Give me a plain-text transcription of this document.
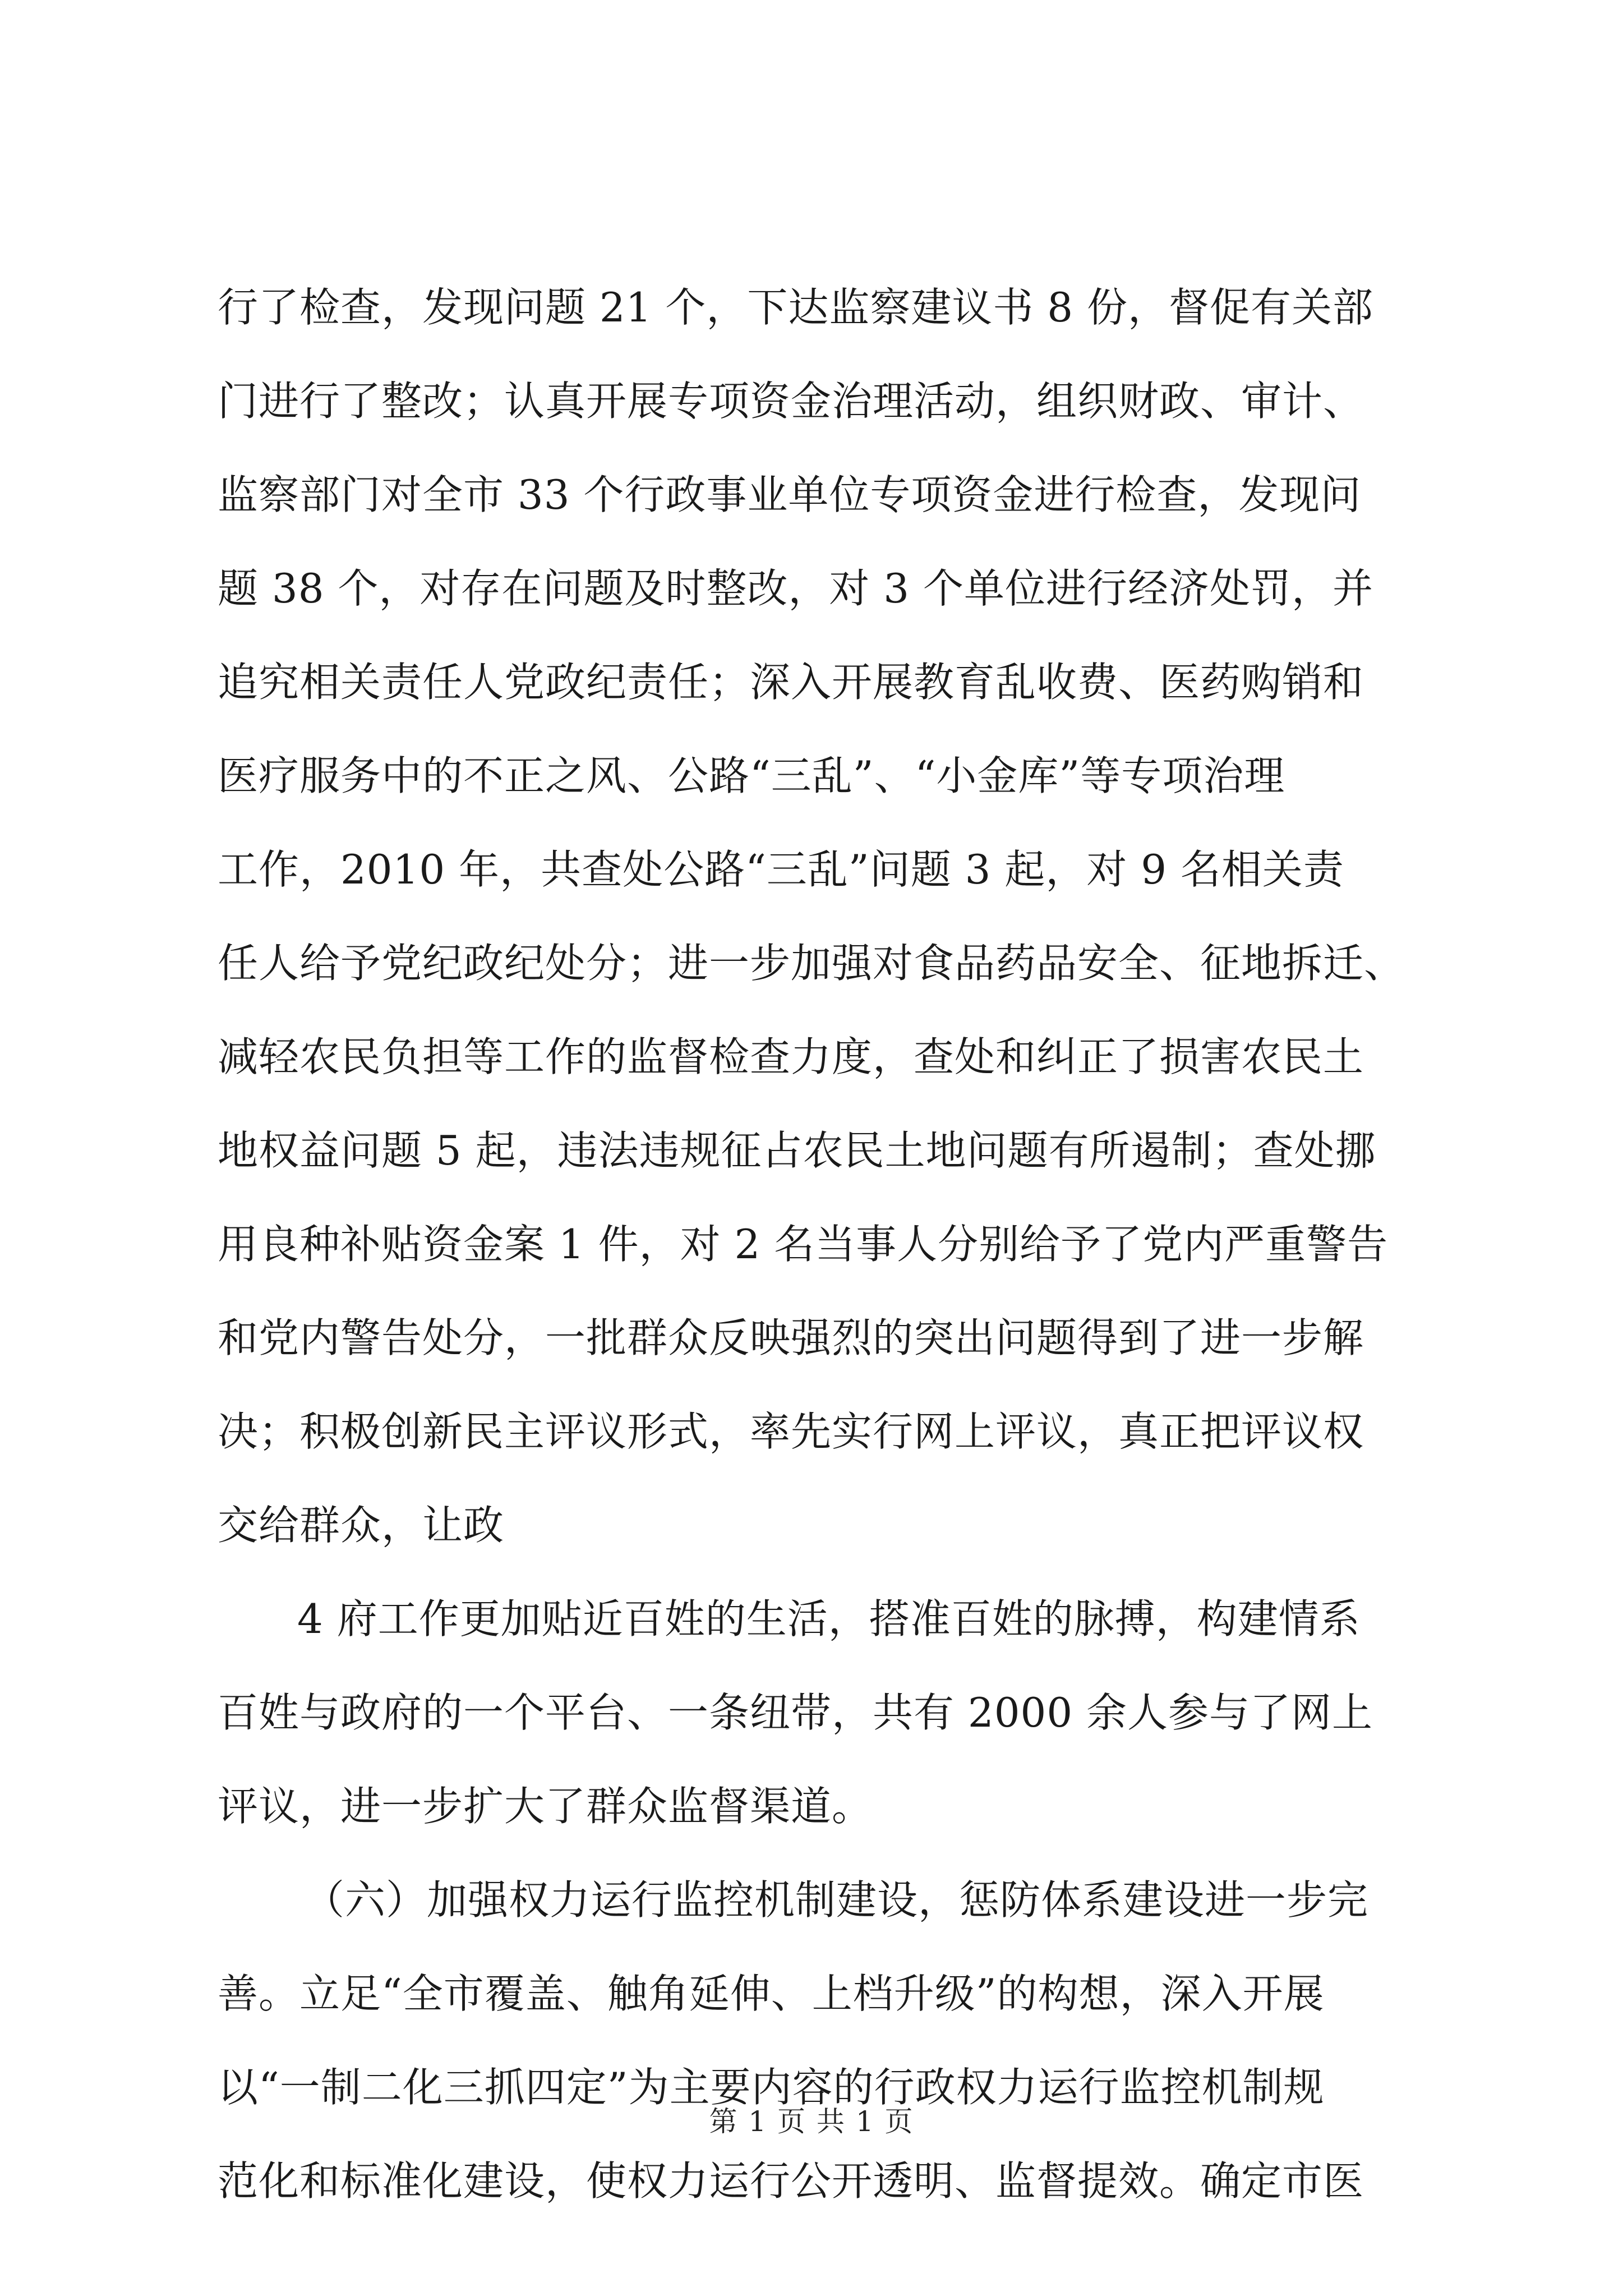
行了检查，发现问题 21 个，下达监察建议书 8 份，督促有关部
门进行了整改；认真开展专项资金治理活动，组织财政、审计、
监察部门对全市 33 个行政事业单位专项资金进行检查，发现问
题 38 个，对存在问题及时整改，对 3 个单位进行经济处罚，并
追究相关责任人党政纪责任；深入开展教育乱收费、医药购销和
医疗服务中的不正之风、公路“三乱”、“小金库”等专项治理
工作，2010 年，共查处公路“三乱”问题 3 起，对 9 名相关责
任人给予党纪政纪处分；进一步加强对食品药品安全、征地拆迁、
减轻农民负担等工作的监督检查力度，查处和纠正了损害农民土
地权益问题 5 起，违法违规征占农民土地问题有所遏制；查处挪
用良种补贴资金案 1 件，对 2 名当事人分别给予了党内严重警告
和党内警告处分，一批群众反映强烈的突出问题得到了进一步解
决；积极创新民主评议形式，率先实行网上评议，真正把评议权
交给群众，让政
4 府工作更加贴近百姓的生活，搭准百姓的脉搏，构建情系
百姓与政府的一个平台、一条纽带，共有 2000 余人参与了网上
评议，进一步扩大了群众监督渠道。
（六）加强权力运行监控机制建设，惩防体系建设进一步完
善。立足“全市覆盖、触角延伸、上档升级”的构想，深入开展
以“一制二化三抓四定”为主要内容的行政权力运行监控机制规
范化和标准化建设，使权力运行公开透明、监督提效。确定市医
第 1 页 共 1 页
